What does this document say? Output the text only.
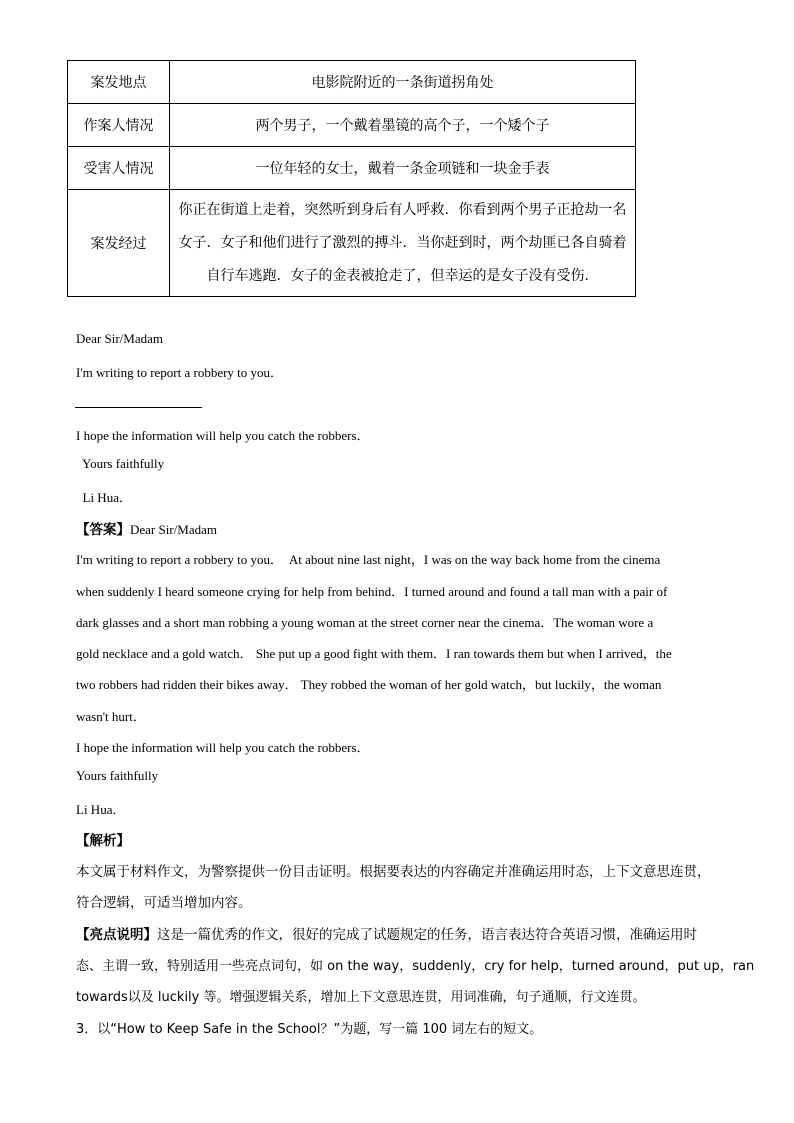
案发地点	电影院附近的一条街道拐角处
作案人情况	两个男子，一个戴着墨镜的高个子，一个矮个子
受害人情况	一位年轻的女士，戴着一条金项链和一块金手表
案发经过	你正在街道上走着，突然听到身后有人呼救．你看到两个男子正抢劫一名
女子．女子和他们进行了激烈的搏斗．当你赶到时，两个劫匪已各自骑着
自行车逃跑．女子的金表被抢走了，但幸运的是女子没有受伤．
Dear Sir/Madam
I'm writing to report a robbery to you．
I hope the information will help you catch the robbers．
Yours faithfully
Li Hua．
【答案】Dear Sir/Madam
I'm writing to report a robbery to you．  At about nine last night，I was on the way back home from the cinema
when suddenly I heard someone crying for help from behind．I turned around and found a tall man with a pair of
dark glasses and a short man robbing a young woman at the street corner near the cinema．The woman wore a
gold necklace and a gold watch． She put up a good fight with them．I ran towards them but when I arrived，the
two robbers had ridden their bikes away． They robbed the woman of her gold watch，but luckily，the woman
wasn't hurt．
I hope the information will help you catch the robbers．
Yours faithfully
Li Hua．
【解析】
本文属于材料作文，为警察提供一份目击证明。根据要表达的内容确定并准确运用时态，上下文意思连贯，
符合逻辑，可适当增加内容。
【亮点说明】这是一篇优秀的作文，很好的完成了试题规定的任务，语言表达符合英语习惯，准确运用时
态、主谓一致，特别适用一些亮点词句，如 on the way，suddenly，cry for help，turned around，put up，ran
towards以及 luckily 等。增强逻辑关系，增加上下文意思连贯，用词准确，句子通顺，行文连贯。
3．以“How to Keep Safe in the School？”为题，写一篇 100 词左右的短文。
